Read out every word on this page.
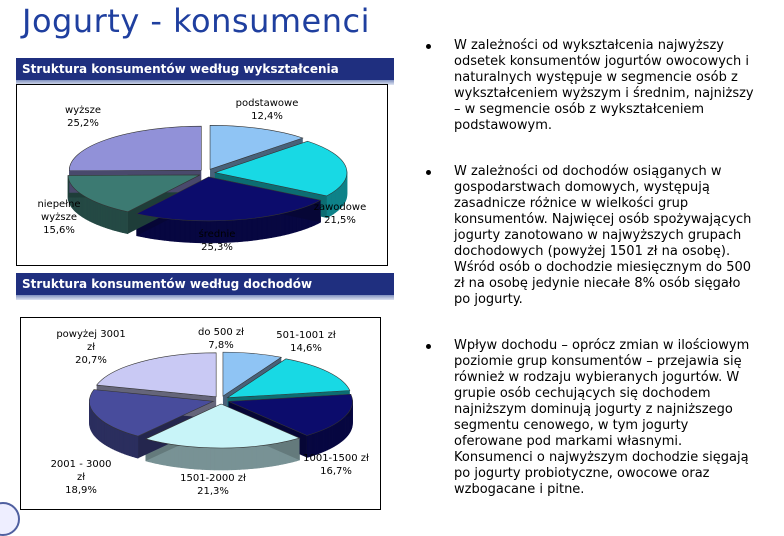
Jogurty - konsumenci
Struktura konsumentów według wykształcenia
podstawowe
12,4%
zawodowe
21,5%
średnie
25,3%
niepełne
wyższe
15,6%
wyższe
25,2%
Struktura konsumentów według dochodów
do 500 zł
7,8%
501-1001 zł
14,6%
1001-1500 zł
16,7%
1501-2000 zł
21,3%
2001 - 3000
zł
18,9%
powyżej 3001
zł
20,7%
W zależności od wykształcenia najwyższy odsetek konsumentów jogurtów owocowych i naturalnych występuje w segmencie osób z wykształceniem wyższym i średnim, najniższy – w segmencie osób z wykształceniem podstawowym.
W zależności od dochodów osiąganych w gospodarstwach domowych, występują zasadnicze różnice w wielkości grup konsumentów. Najwięcej osób spożywających jogurty zanotowano w najwyższych grupach dochodowych (powyżej 1501 zł na osobę). Wśród osób o dochodzie miesięcznym do 500 zł na osobę jedynie niecałe 8% osób sięgało po jogurty.
Wpływ dochodu – oprócz zmian w ilościowym poziomie grup konsumentów – przejawia się również w rodzaju wybieranych jogurtów. W grupie osób cechujących się dochodem najniższym dominują jogurty z najniższego segmentu cenowego, w tym jogurty oferowane pod markami własnymi. Konsumenci o najwyższym dochodzie sięgają po jogurty probiotyczne, owocowe oraz wzbogacane i pitne.
